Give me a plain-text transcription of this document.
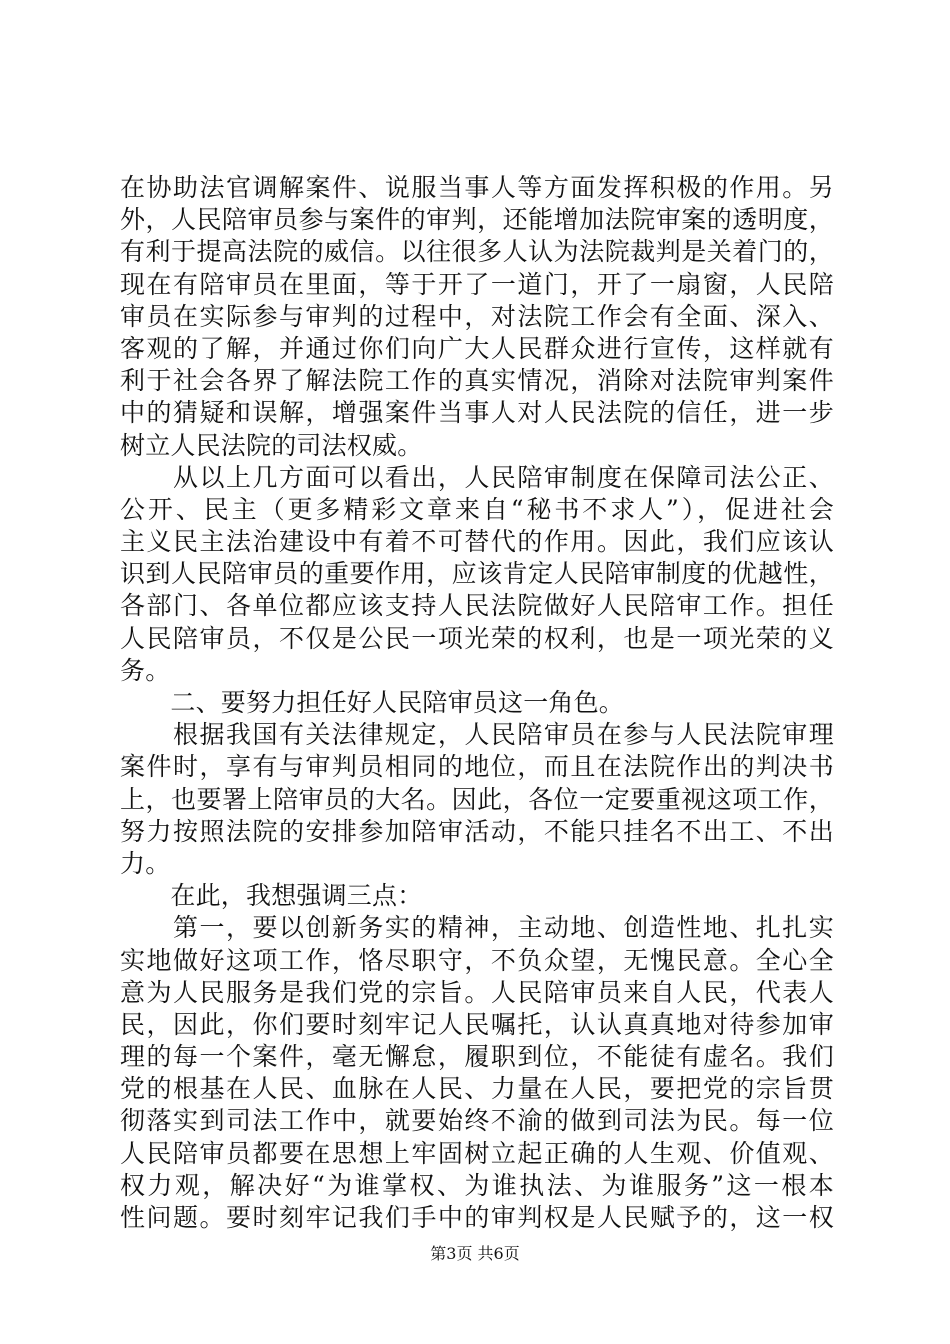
在协助法官调解案件、说服当事人等方面发挥积极的作用。另
外，人民陪审员参与案件的审判，还能增加法院审案的透明度，
有利于提高法院的威信。以往很多人认为法院裁判是关着门的，
现在有陪审员在里面，等于开了一道门，开了一扇窗，人民陪
审员在实际参与审判的过程中，对法院工作会有全面、深入、
客观的了解，并通过你们向广大人民群众进行宣传，这样就有
利于社会各界了解法院工作的真实情况，消除对法院审判案件
中的猜疑和误解，增强案件当事人对人民法院的信任，进一步
树立人民法院的司法权威。
　　从以上几方面可以看出，人民陪审制度在保障司法公正、
公开、民主（更多精彩文章来自“秘书不求人”），促进社会
主义民主法治建设中有着不可替代的作用。因此，我们应该认
识到人民陪审员的重要作用，应该肯定人民陪审制度的优越性，
各部门、各单位都应该支持人民法院做好人民陪审工作。担任
人民陪审员，不仅是公民一项光荣的权利，也是一项光荣的义
务。
　　二、要努力担任好人民陪审员这一角色。
　　根据我国有关法律规定，人民陪审员在参与人民法院审理
案件时，享有与审判员相同的地位，而且在法院作出的判决书
上，也要署上陪审员的大名。因此，各位一定要重视这项工作，
努力按照法院的安排参加陪审活动，不能只挂名不出工、不出
力。
　　在此，我想强调三点：
　　第一，要以创新务实的精神，主动地、创造性地、扎扎实
实地做好这项工作，恪尽职守，不负众望，无愧民意。全心全
意为人民服务是我们党的宗旨。人民陪审员来自人民，代表人
民，因此，你们要时刻牢记人民嘱托，认认真真地对待参加审
理的每一个案件，毫无懈怠，履职到位，不能徒有虚名。我们
党的根基在人民、血脉在人民、力量在人民，要把党的宗旨贯
彻落实到司法工作中，就要始终不渝的做到司法为民。每一位
人民陪审员都要在思想上牢固树立起正确的人生观、价值观、
权力观，解决好“为谁掌权、为谁执法、为谁服务”这一根本
性问题。要时刻牢记我们手中的审判权是人民赋予的，这一权
第3页 共6页
